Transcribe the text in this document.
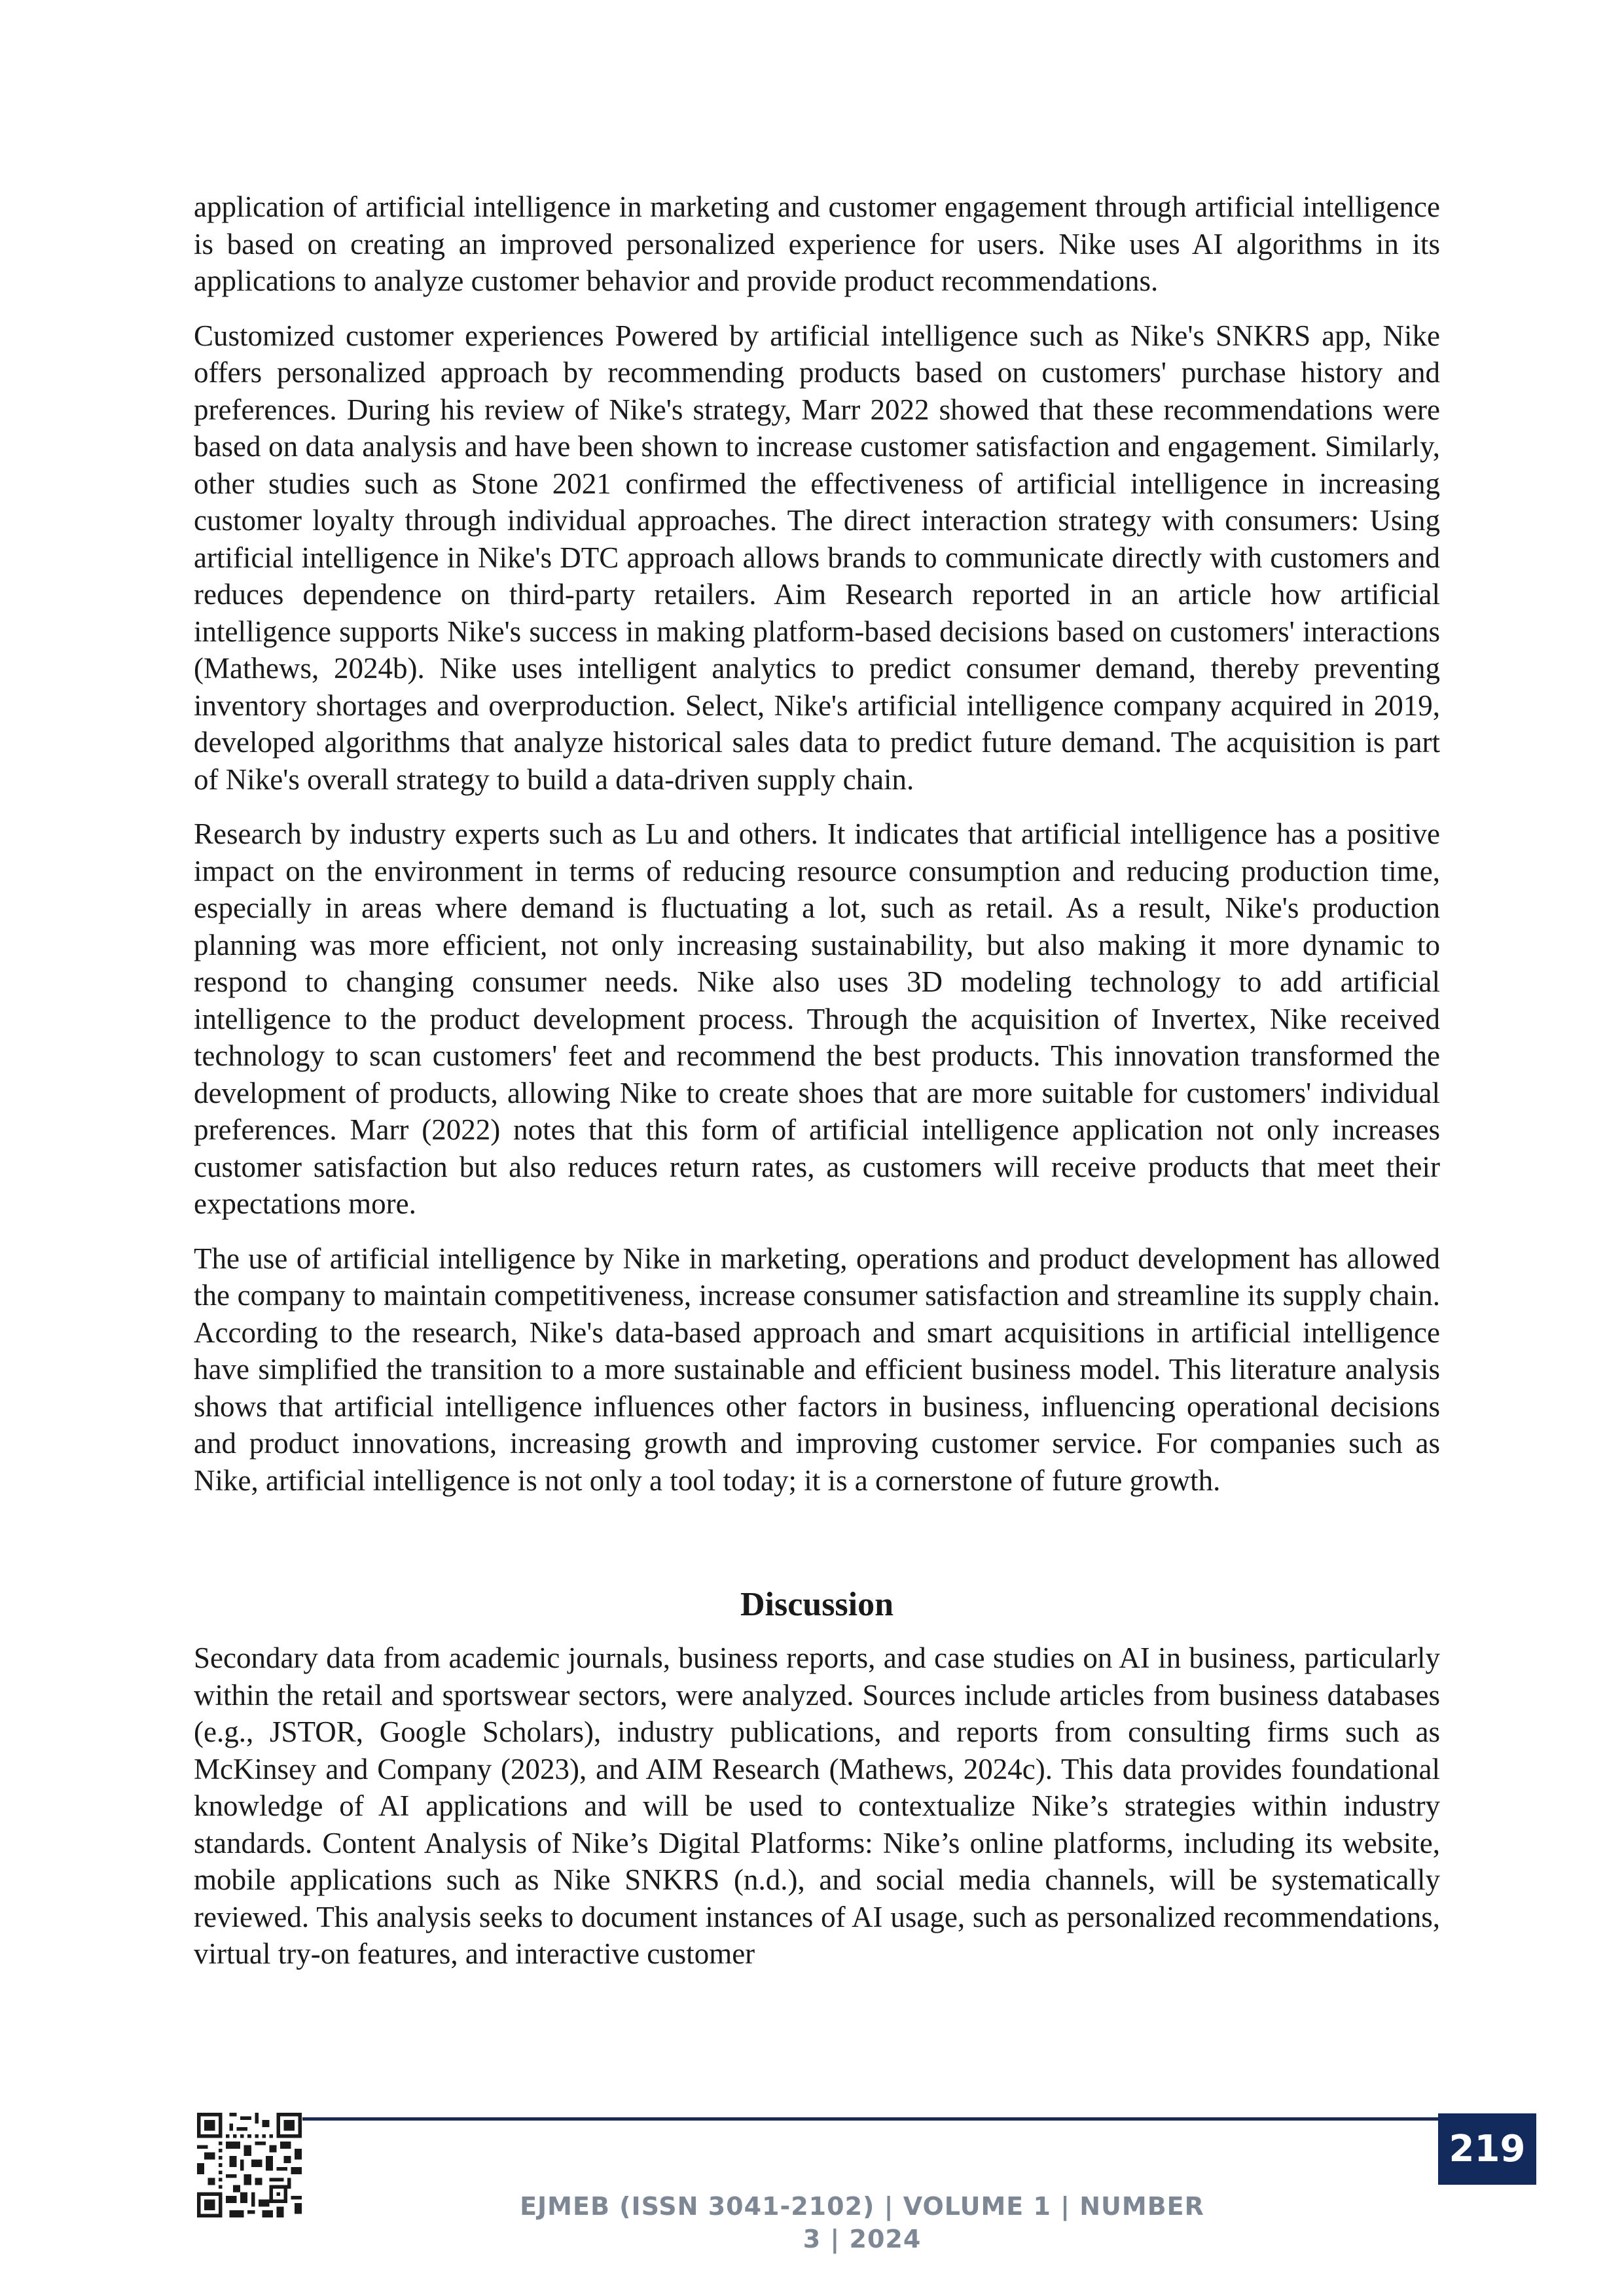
application of artificial intelligence in marketing and customer engagement through artificial intelligence is based on creating an improved personalized experience for users. Nike uses AI algorithms in its applications to analyze customer behavior and provide product recommendations.

Customized customer experiences Powered by artificial intelligence such as Nike's SNKRS app, Nike offers personalized approach by recommending products based on customers' purchase history and preferences. During his review of Nike's strategy, Marr 2022 showed that these recommendations were based on data analysis and have been shown to increase customer satisfaction and engagement. Similarly, other studies such as Stone 2021 confirmed the effectiveness of artificial intelligence in increasing customer loyalty through individual approaches. The direct interaction strategy with consumers: Using artificial intelligence in Nike's DTC approach allows brands to communicate directly with customers and reduces dependence on third-party retailers. Aim Research reported in an article how artificial intelligence supports Nike's success in making platform-based decisions based on customers' interactions (Mathews, 2024b). Nike uses intelligent analytics to predict consumer demand, thereby preventing inventory shortages and overproduction. Select, Nike's artificial intelligence company acquired in 2019, developed algorithms that analyze historical sales data to predict future demand. The acquisition is part of Nike's overall strategy to build a data-driven supply chain.

Research by industry experts such as Lu and others. It indicates that artificial intelligence has a positive impact on the environment in terms of reducing resource consumption and reducing production time, especially in areas where demand is fluctuating a lot, such as retail. As a result, Nike's production planning was more efficient, not only increasing sustainability, but also making it more dynamic to respond to changing consumer needs. Nike also uses 3D modeling technology to add artificial intelligence to the product development process. Through the acquisition of Invertex, Nike received technology to scan customers' feet and recommend the best products. This innovation transformed the development of products, allowing Nike to create shoes that are more suitable for customers' individual preferences. Marr (2022) notes that this form of artificial intelligence application not only increases customer satisfaction but also reduces return rates, as customers will receive products that meet their expectations more.

The use of artificial intelligence by Nike in marketing, operations and product development has allowed the company to maintain competitiveness, increase consumer satisfaction and streamline its supply chain. According to the research, Nike's data-based approach and smart acquisitions in artificial intelligence have simplified the transition to a more sustainable and efficient business model. This literature analysis shows that artificial intelligence influences other factors in business, influencing operational decisions and product innovations, increasing growth and improving customer service. For companies such as Nike, artificial intelligence is not only a tool today; it is a cornerstone of future growth.

Discussion

Secondary data from academic journals, business reports, and case studies on AI in business, particularly within the retail and sportswear sectors, were analyzed. Sources include articles from business databases (e.g., JSTOR, Google Scholars), industry publications, and reports from consulting firms such as McKinsey and Company (2023), and AIM Research (Mathews, 2024c). This data provides foundational knowledge of AI applications and will be used to contextualize Nike’s strategies within industry standards. Content Analysis of Nike’s Digital Platforms: Nike’s online platforms, including its website, mobile applications such as Nike SNKRS (n.d.), and social media channels, will be systematically reviewed. This analysis seeks to document instances of AI usage, such as personalized recommendations, virtual try-on features, and interactive customer

219
EJMEB (ISSN 3041-2102) | VOLUME 1 | NUMBER 3 | 2024
